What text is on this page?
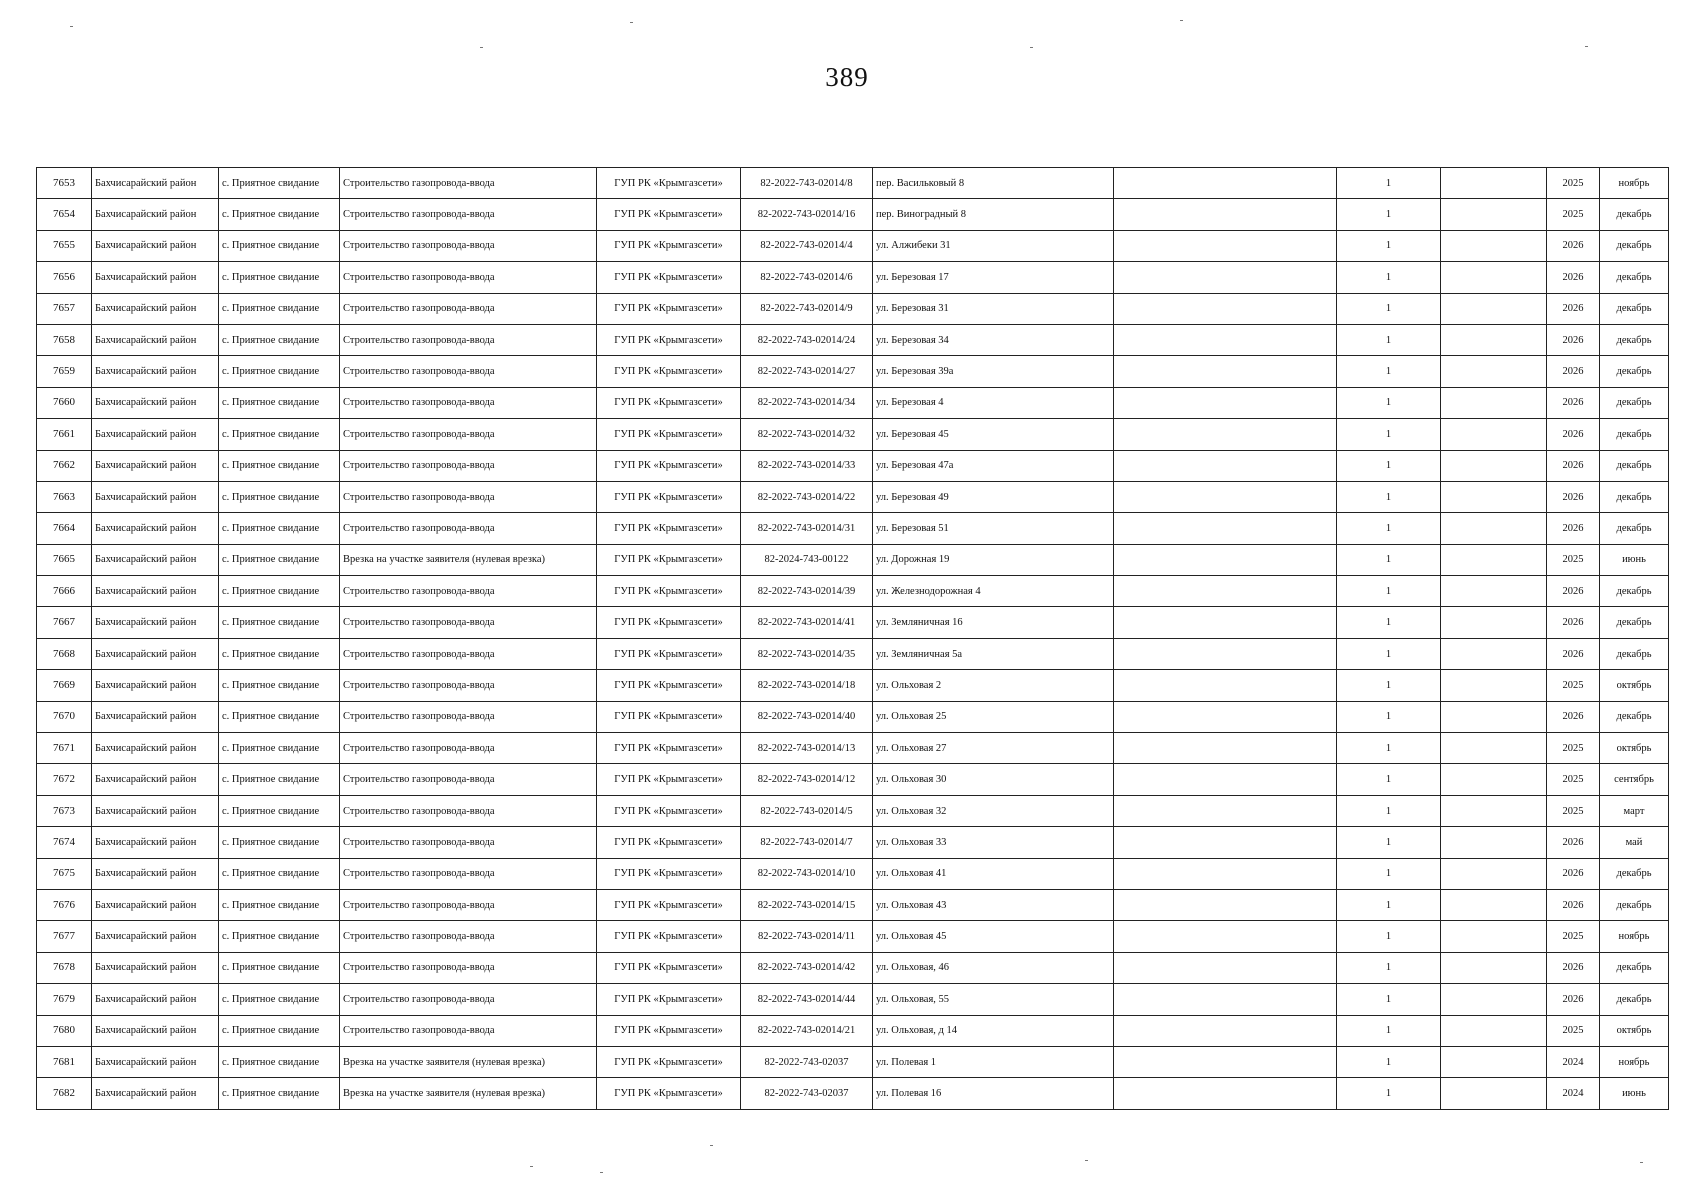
389
7653	Бахчисарайский район	с. Приятное свидание	Строительство газопровода-ввода	ГУП РК «Крымгазсети»	82-2022-743-02014/8	пер. Васильковый 8		1		2025	ноябрь
7654	Бахчисарайский район	с. Приятное свидание	Строительство газопровода-ввода	ГУП РК «Крымгазсети»	82-2022-743-02014/16	пер. Виноградный 8		1		2025	декабрь
7655	Бахчисарайский район	с. Приятное свидание	Строительство газопровода-ввода	ГУП РК «Крымгазсети»	82-2022-743-02014/4	ул. Алжибеки 31		1		2026	декабрь
7656	Бахчисарайский район	с. Приятное свидание	Строительство газопровода-ввода	ГУП РК «Крымгазсети»	82-2022-743-02014/6	ул. Березовая 17		1		2026	декабрь
7657	Бахчисарайский район	с. Приятное свидание	Строительство газопровода-ввода	ГУП РК «Крымгазсети»	82-2022-743-02014/9	ул. Березовая 31		1		2026	декабрь
7658	Бахчисарайский район	с. Приятное свидание	Строительство газопровода-ввода	ГУП РК «Крымгазсети»	82-2022-743-02014/24	ул. Березовая 34		1		2026	декабрь
7659	Бахчисарайский район	с. Приятное свидание	Строительство газопровода-ввода	ГУП РК «Крымгазсети»	82-2022-743-02014/27	ул. Березовая 39а		1		2026	декабрь
7660	Бахчисарайский район	с. Приятное свидание	Строительство газопровода-ввода	ГУП РК «Крымгазсети»	82-2022-743-02014/34	ул. Березовая 4		1		2026	декабрь
7661	Бахчисарайский район	с. Приятное свидание	Строительство газопровода-ввода	ГУП РК «Крымгазсети»	82-2022-743-02014/32	ул. Березовая 45		1		2026	декабрь
7662	Бахчисарайский район	с. Приятное свидание	Строительство газопровода-ввода	ГУП РК «Крымгазсети»	82-2022-743-02014/33	ул. Березовая 47а		1		2026	декабрь
7663	Бахчисарайский район	с. Приятное свидание	Строительство газопровода-ввода	ГУП РК «Крымгазсети»	82-2022-743-02014/22	ул. Березовая 49		1		2026	декабрь
7664	Бахчисарайский район	с. Приятное свидание	Строительство газопровода-ввода	ГУП РК «Крымгазсети»	82-2022-743-02014/31	ул. Березовая 51		1		2026	декабрь
7665	Бахчисарайский район	с. Приятное свидание	Врезка на участке заявителя (нулевая врезка)	ГУП РК «Крымгазсети»	82-2024-743-00122	ул. Дорожная 19		1		2025	июнь
7666	Бахчисарайский район	с. Приятное свидание	Строительство газопровода-ввода	ГУП РК «Крымгазсети»	82-2022-743-02014/39	ул. Железнодорожная 4		1		2026	декабрь
7667	Бахчисарайский район	с. Приятное свидание	Строительство газопровода-ввода	ГУП РК «Крымгазсети»	82-2022-743-02014/41	ул. Земляничная 16		1		2026	декабрь
7668	Бахчисарайский район	с. Приятное свидание	Строительство газопровода-ввода	ГУП РК «Крымгазсети»	82-2022-743-02014/35	ул. Земляничная 5а		1		2026	декабрь
7669	Бахчисарайский район	с. Приятное свидание	Строительство газопровода-ввода	ГУП РК «Крымгазсети»	82-2022-743-02014/18	ул. Ольховая 2		1		2025	октябрь
7670	Бахчисарайский район	с. Приятное свидание	Строительство газопровода-ввода	ГУП РК «Крымгазсети»	82-2022-743-02014/40	ул. Ольховая 25		1		2026	декабрь
7671	Бахчисарайский район	с. Приятное свидание	Строительство газопровода-ввода	ГУП РК «Крымгазсети»	82-2022-743-02014/13	ул. Ольховая 27		1		2025	октябрь
7672	Бахчисарайский район	с. Приятное свидание	Строительство газопровода-ввода	ГУП РК «Крымгазсети»	82-2022-743-02014/12	ул. Ольховая 30		1		2025	сентябрь
7673	Бахчисарайский район	с. Приятное свидание	Строительство газопровода-ввода	ГУП РК «Крымгазсети»	82-2022-743-02014/5	ул. Ольховая 32		1		2025	март
7674	Бахчисарайский район	с. Приятное свидание	Строительство газопровода-ввода	ГУП РК «Крымгазсети»	82-2022-743-02014/7	ул. Ольховая 33		1		2026	май
7675	Бахчисарайский район	с. Приятное свидание	Строительство газопровода-ввода	ГУП РК «Крымгазсети»	82-2022-743-02014/10	ул. Ольховая 41		1		2026	декабрь
7676	Бахчисарайский район	с. Приятное свидание	Строительство газопровода-ввода	ГУП РК «Крымгазсети»	82-2022-743-02014/15	ул. Ольховая 43		1		2026	декабрь
7677	Бахчисарайский район	с. Приятное свидание	Строительство газопровода-ввода	ГУП РК «Крымгазсети»	82-2022-743-02014/11	ул. Ольховая 45		1		2025	ноябрь
7678	Бахчисарайский район	с. Приятное свидание	Строительство газопровода-ввода	ГУП РК «Крымгазсети»	82-2022-743-02014/42	ул. Ольховая, 46		1		2026	декабрь
7679	Бахчисарайский район	с. Приятное свидание	Строительство газопровода-ввода	ГУП РК «Крымгазсети»	82-2022-743-02014/44	ул. Ольховая, 55		1		2026	декабрь
7680	Бахчисарайский район	с. Приятное свидание	Строительство газопровода-ввода	ГУП РК «Крымгазсети»	82-2022-743-02014/21	ул. Ольховая, д 14		1		2025	октябрь
7681	Бахчисарайский район	с. Приятное свидание	Врезка на участке заявителя (нулевая врезка)	ГУП РК «Крымгазсети»	82-2022-743-02037	ул. Полевая 1		1		2024	ноябрь
7682	Бахчисарайский район	с. Приятное свидание	Врезка на участке заявителя (нулевая врезка)	ГУП РК «Крымгазсети»	82-2022-743-02037	ул. Полевая 16		1		2024	июнь
